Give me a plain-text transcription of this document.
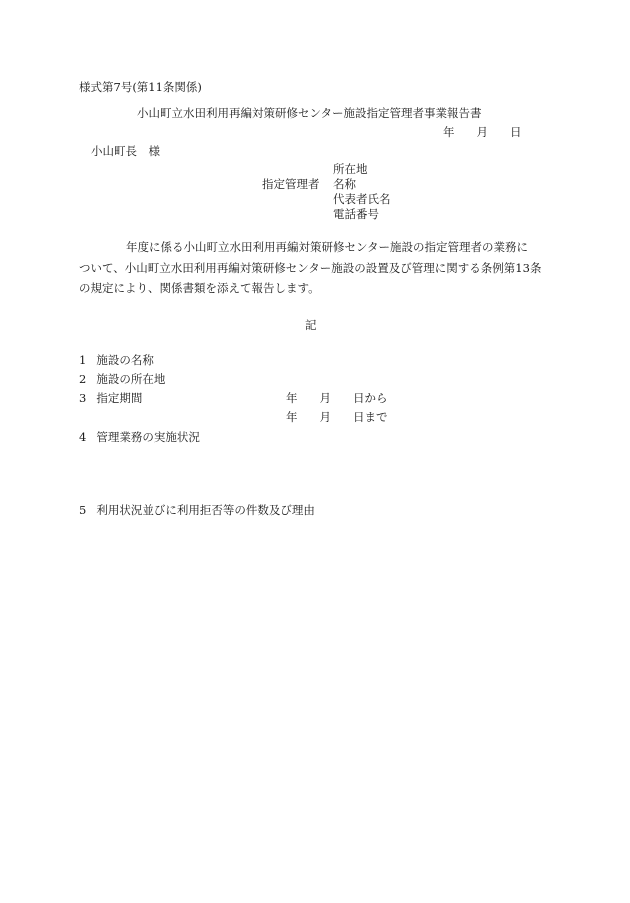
様式第7号(第11条関係)
小山町立水田利用再編対策研修センター施設指定管理者事業報告書
年 月 日
小山町長　様
所在地
指定管理者 名称
代表者氏名
電話番号
年度に係る小山町立水田利用再編対策研修センター施設の指定管理者の業務に
ついて、小山町立水田利用再編対策研修センター施設の設置及び管理に関する条例第13条
の規定により、関係書類を添えて報告します。
記
1 施設の名称
2 施設の所在地
3 指定期間	年 月 日から
年 月 日まで
4 管理業務の実施状況
5 利用状況並びに利用拒否等の件数及び理由
